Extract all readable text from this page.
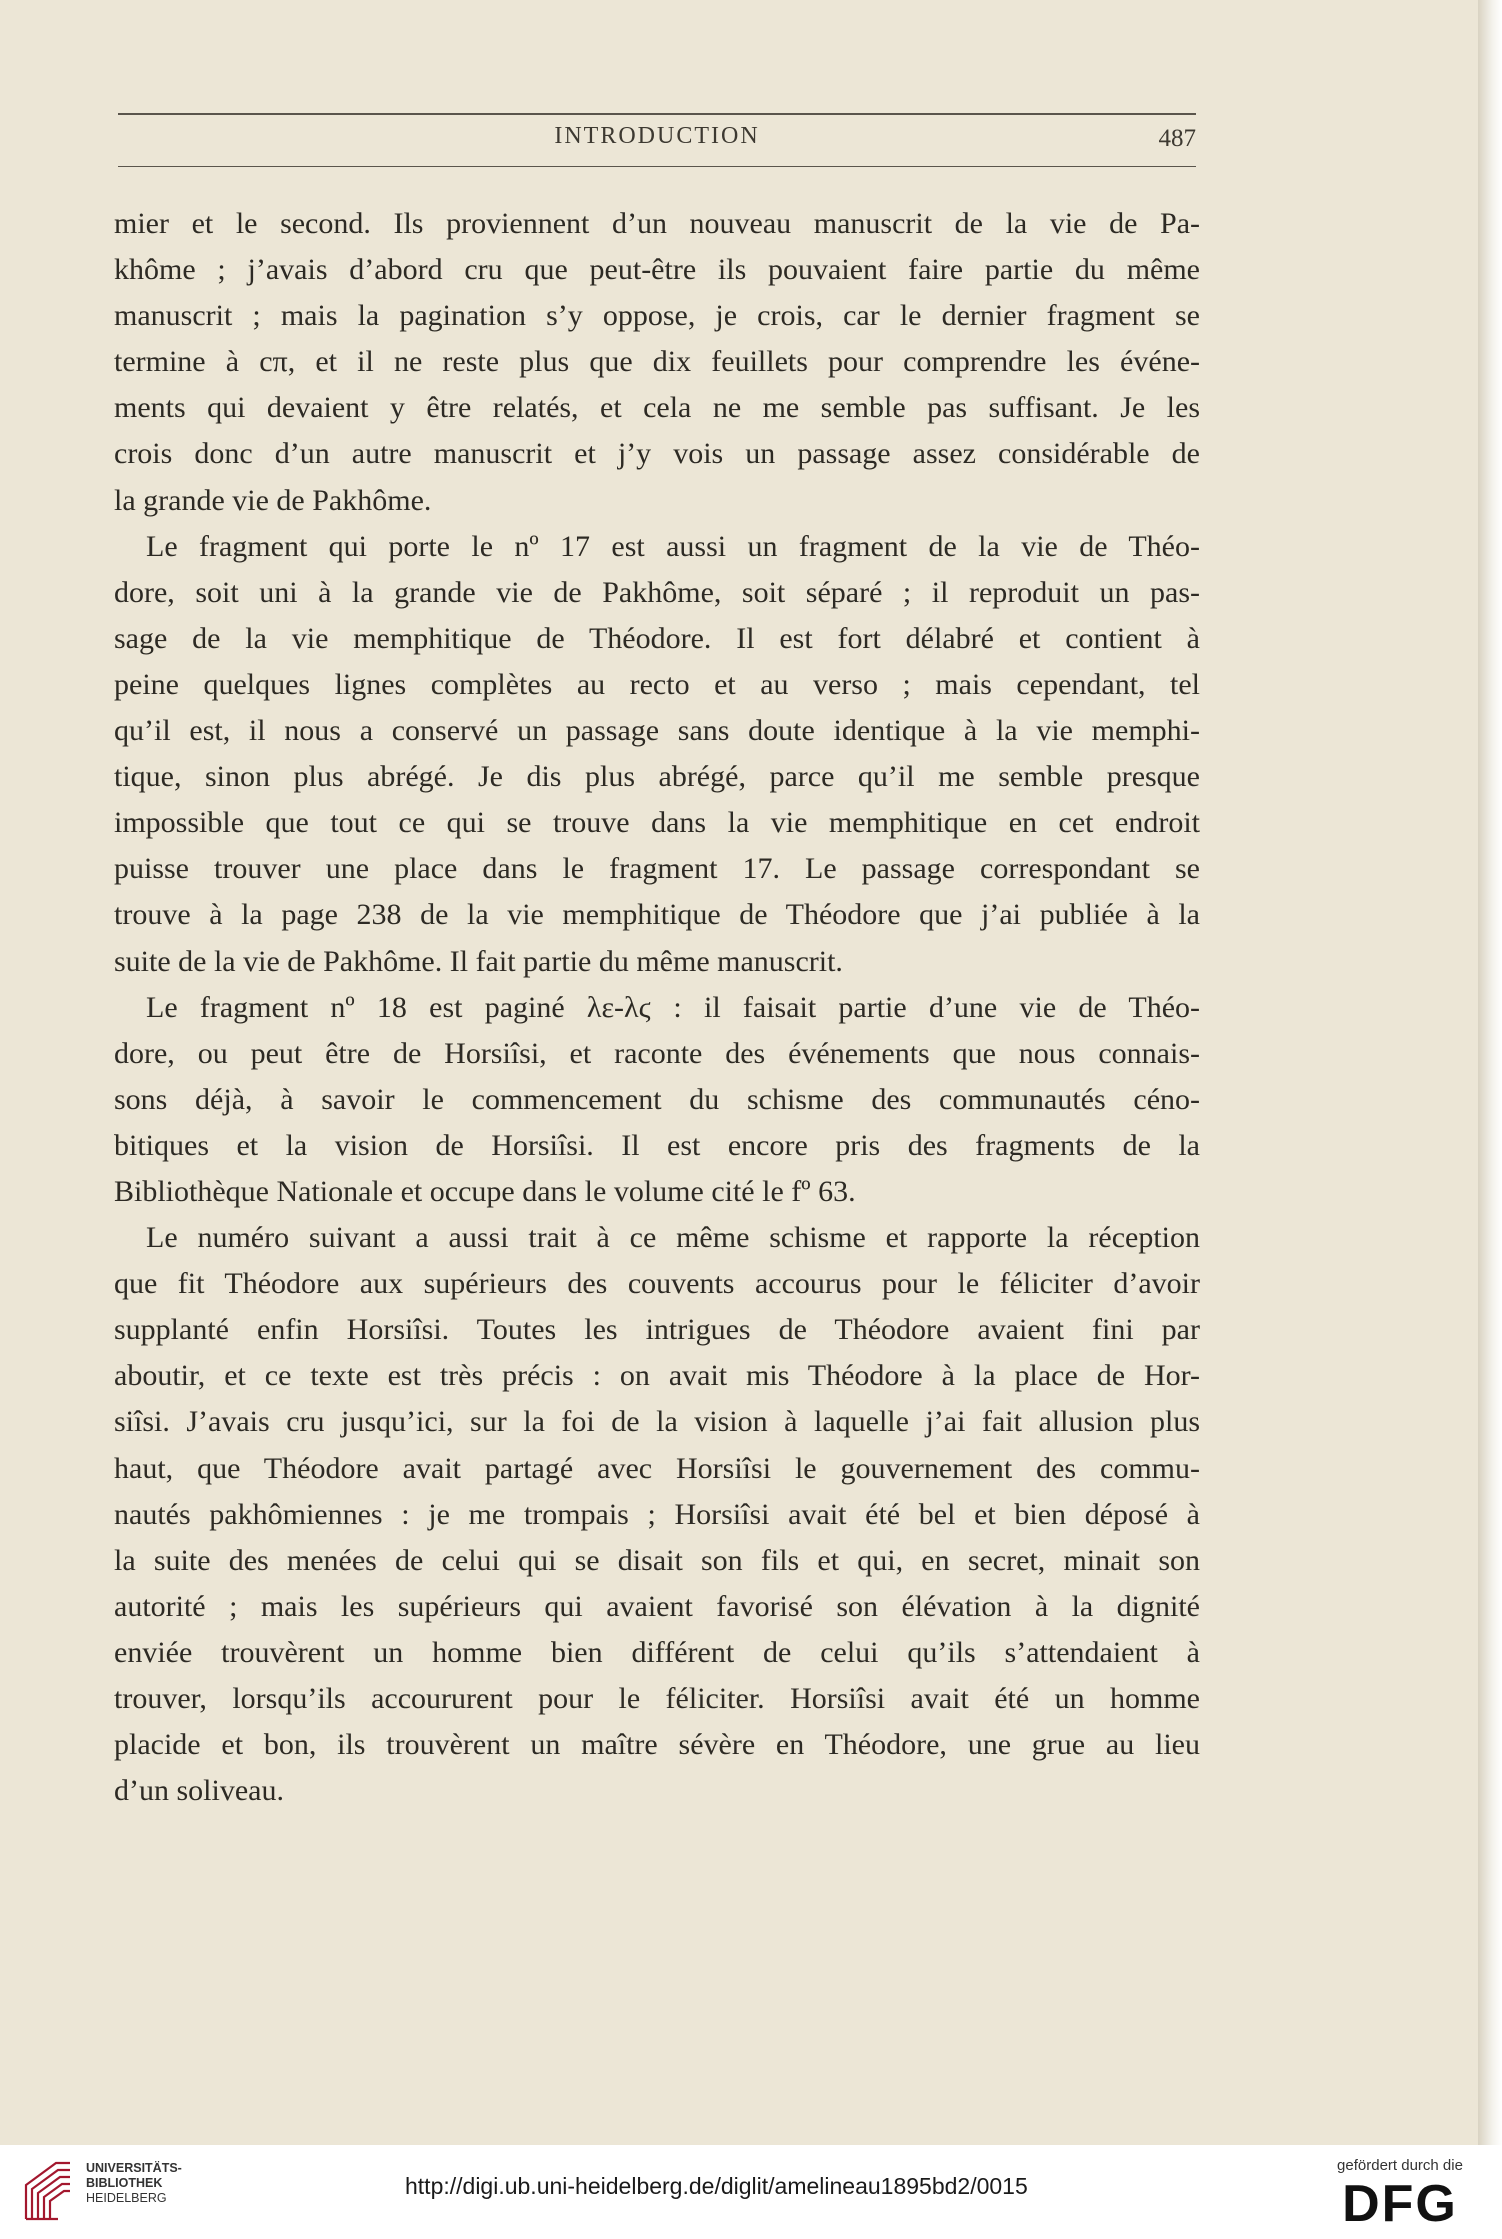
INTRODUCTION	487
mier et le second. Ils proviennent d’un nouveau manuscrit de la vie de Pa-
khôme ; j’avais d’abord cru que peut-être ils pouvaient faire partie du même
manuscrit ; mais la pagination s’y oppose, je crois, car le dernier fragment se
termine à cπ, et il ne reste plus que dix feuillets pour comprendre les événe-
ments qui devaient y être relatés, et cela ne me semble pas suffisant. Je les
crois donc d’un autre manuscrit et j’y vois un passage assez considérable de
la grande vie de Pakhôme.
Le fragment qui porte le nº 17 est aussi un fragment de la vie de Théo-
dore, soit uni à la grande vie de Pakhôme, soit séparé ; il reproduit un pas-
sage de la vie memphitique de Théodore. Il est fort délabré et contient à
peine quelques lignes complètes au recto et au verso ; mais cependant, tel
qu’il est, il nous a conservé un passage sans doute identique à la vie memphi-
tique, sinon plus abrégé. Je dis plus abrégé, parce qu’il me semble presque
impossible que tout ce qui se trouve dans la vie memphitique en cet endroit
puisse trouver une place dans le fragment 17. Le passage correspondant se
trouve à la page 238 de la vie memphitique de Théodore que j’ai publiée à la
suite de la vie de Pakhôme. Il fait partie du même manuscrit.
Le fragment nº 18 est paginé λε-λϛ : il faisait partie d’une vie de Théo-
dore, ou peut être de Horsiîsi, et raconte des événements que nous connais-
sons déjà, à savoir le commencement du schisme des communautés céno-
bitiques et la vision de Horsiîsi. Il est encore pris des fragments de la
Bibliothèque Nationale et occupe dans le volume cité le fº 63.
Le numéro suivant a aussi trait à ce même schisme et rapporte la réception
que fit Théodore aux supérieurs des couvents accourus pour le féliciter d’avoir
supplanté enfin Horsiîsi. Toutes les intrigues de Théodore avaient fini par
aboutir, et ce texte est très précis : on avait mis Théodore à la place de Hor-
siîsi. J’avais cru jusqu’ici, sur la foi de la vision à laquelle j’ai fait allusion plus
haut, que Théodore avait partagé avec Horsiîsi le gouvernement des commu-
nautés pakhômiennes : je me trompais ; Horsiîsi avait été bel et bien déposé à
la suite des menées de celui qui se disait son fils et qui, en secret, minait son
autorité ; mais les supérieurs qui avaient favorisé son élévation à la dignité
enviée trouvèrent un homme bien différent de celui qu’ils s’attendaient à
trouver, lorsqu’ils accoururent pour le féliciter. Horsiîsi avait été un homme
placide et bon, ils trouvèrent un maître sévère en Théodore, une grue au lieu
d’un soliveau.
UNIVERSITÄTS-
BIBLIOTHEK
HEIDELBERG	http://digi.ub.uni-heidelberg.de/diglit/amelineau1895bd2/0015
gefördert durch die
DFG
